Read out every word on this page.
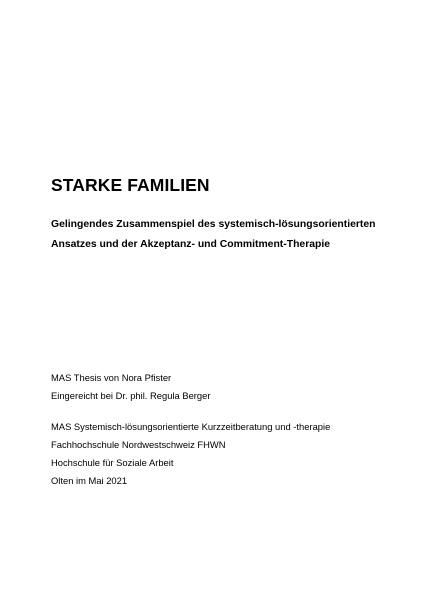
STARKE FAMILIEN
Gelingendes Zusammenspiel des systemisch-lösungsorientierten
Ansatzes und der Akzeptanz- und Commitment-Therapie
MAS Thesis von Nora Pfister
Eingereicht bei Dr. phil. Regula Berger
MAS Systemisch-lösungsorientierte Kurzzeitberatung und -therapie
Fachhochschule Nordwestschweiz FHWN
Hochschule für Soziale Arbeit
Olten im Mai 2021
